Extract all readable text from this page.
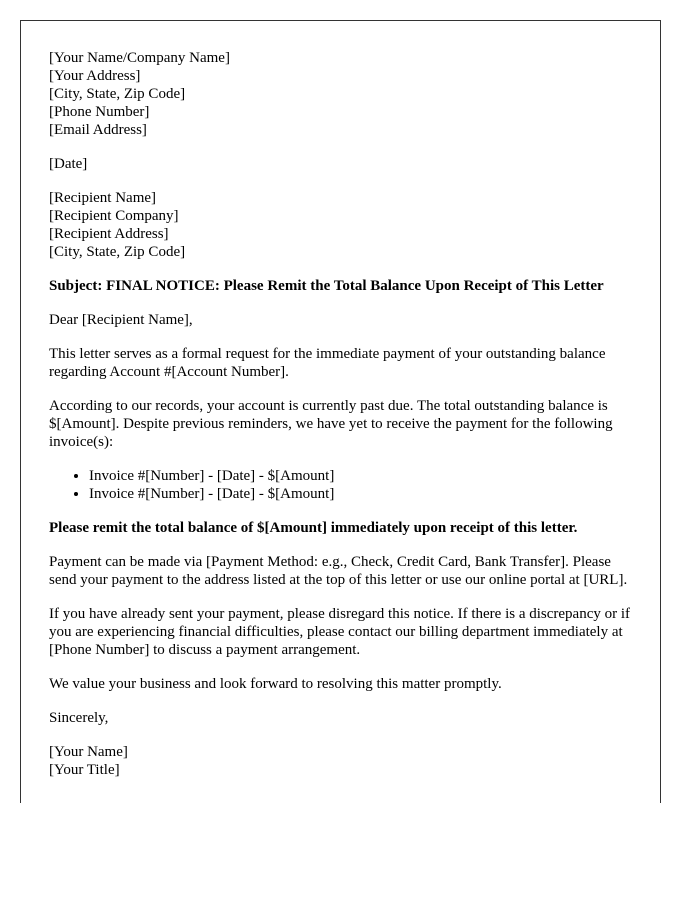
[Your Name/Company Name]
[Your Address]
[City, State, Zip Code]
[Phone Number]
[Email Address]

[Date]

[Recipient Name]
[Recipient Company]
[Recipient Address]
[City, State, Zip Code]

Subject: FINAL NOTICE: Please Remit the Total Balance Upon Receipt of This Letter

Dear [Recipient Name],

This letter serves as a formal request for the immediate payment of your outstanding balance regarding Account #[Account Number].

According to our records, your account is currently past due. The total outstanding balance is $[Amount]. Despite previous reminders, we have yet to receive the payment for the following invoice(s):

• Invoice #[Number] - [Date] - $[Amount]
• Invoice #[Number] - [Date] - $[Amount]

Please remit the total balance of $[Amount] immediately upon receipt of this letter.

Payment can be made via [Payment Method: e.g., Check, Credit Card, Bank Transfer]. Please send your payment to the address listed at the top of this letter or use our online portal at [URL].

If you have already sent your payment, please disregard this notice. If there is a discrepancy or if you are experiencing financial difficulties, please contact our billing department immediately at [Phone Number] to discuss a payment arrangement.

We value your business and look forward to resolving this matter promptly.

Sincerely,

[Your Name]
[Your Title]
